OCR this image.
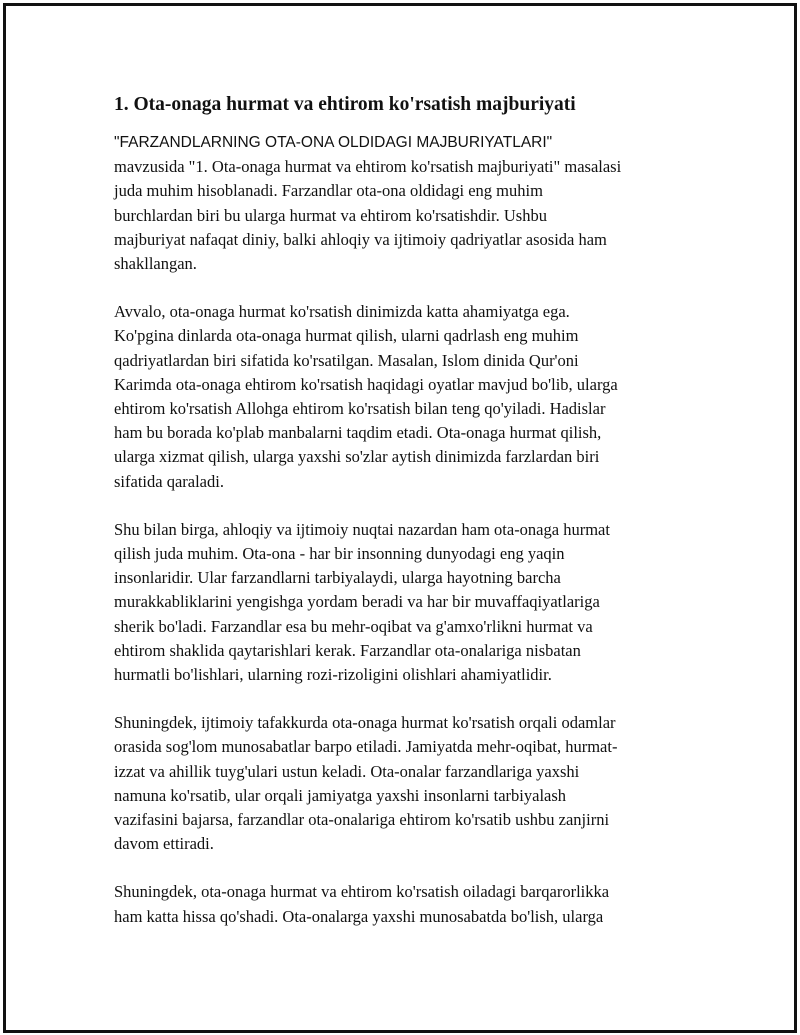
1. Ota-onaga hurmat va ehtirom ko'rsatish majburiyati
"FARZANDLARNING OTA-ONA OLDIDAGI MAJBURIYATLARI"
mavzusida "1. Ota-onaga hurmat va ehtirom ko'rsatish majburiyati" masalasi
juda muhim hisoblanadi. Farzandlar ota-ona oldidagi eng muhim
burchlardan biri bu ularga hurmat va ehtirom ko'rsatishdir. Ushbu
majburiyat nafaqat diniy, balki ahloqiy va ijtimoiy qadriyatlar asosida ham
shakllangan.
Avvalo, ota-onaga hurmat ko'rsatish dinimizda katta ahamiyatga ega.
Ko'pgina dinlarda ota-onaga hurmat qilish, ularni qadrlash eng muhim
qadriyatlardan biri sifatida ko'rsatilgan. Masalan, Islom dinida Qur'oni
Karimda ota-onaga ehtirom ko'rsatish haqidagi oyatlar mavjud bo'lib, ularga
ehtirom ko'rsatish Allohga ehtirom ko'rsatish bilan teng qo'yiladi. Hadislar
ham bu borada ko'plab manbalarni taqdim etadi. Ota-onaga hurmat qilish,
ularga xizmat qilish, ularga yaxshi so'zlar aytish dinimizda farzlardan biri
sifatida qaraladi.
Shu bilan birga, ahloqiy va ijtimoiy nuqtai nazardan ham ota-onaga hurmat
qilish juda muhim. Ota-ona - har bir insonning dunyodagi eng yaqin
insonlaridir. Ular farzandlarni tarbiyalaydi, ularga hayotning barcha
murakkabliklarini yengishga yordam beradi va har bir muvaffaqiyatlariga
sherik bo'ladi. Farzandlar esa bu mehr-oqibat va g'amxo'rlikni hurmat va
ehtirom shaklida qaytarishlari kerak. Farzandlar ota-onalariga nisbatan
hurmatli bo'lishlari, ularning rozi-rizoligini olishlari ahamiyatlidir.
Shuningdek, ijtimoiy tafakkurda ota-onaga hurmat ko'rsatish orqali odamlar
orasida sog'lom munosabatlar barpo etiladi. Jamiyatda mehr-oqibat, hurmat-
izzat va ahillik tuyg'ulari ustun keladi. Ota-onalar farzandlariga yaxshi
namuna ko'rsatib, ular orqali jamiyatga yaxshi insonlarni tarbiyalash
vazifasini bajarsa, farzandlar ota-onalariga ehtirom ko'rsatib ushbu zanjirni
davom ettiradi.
Shuningdek, ota-onaga hurmat va ehtirom ko'rsatish oiladagi barqarorlikka
ham katta hissa qo'shadi. Ota-onalarga yaxshi munosabatda bo'lish, ularga
